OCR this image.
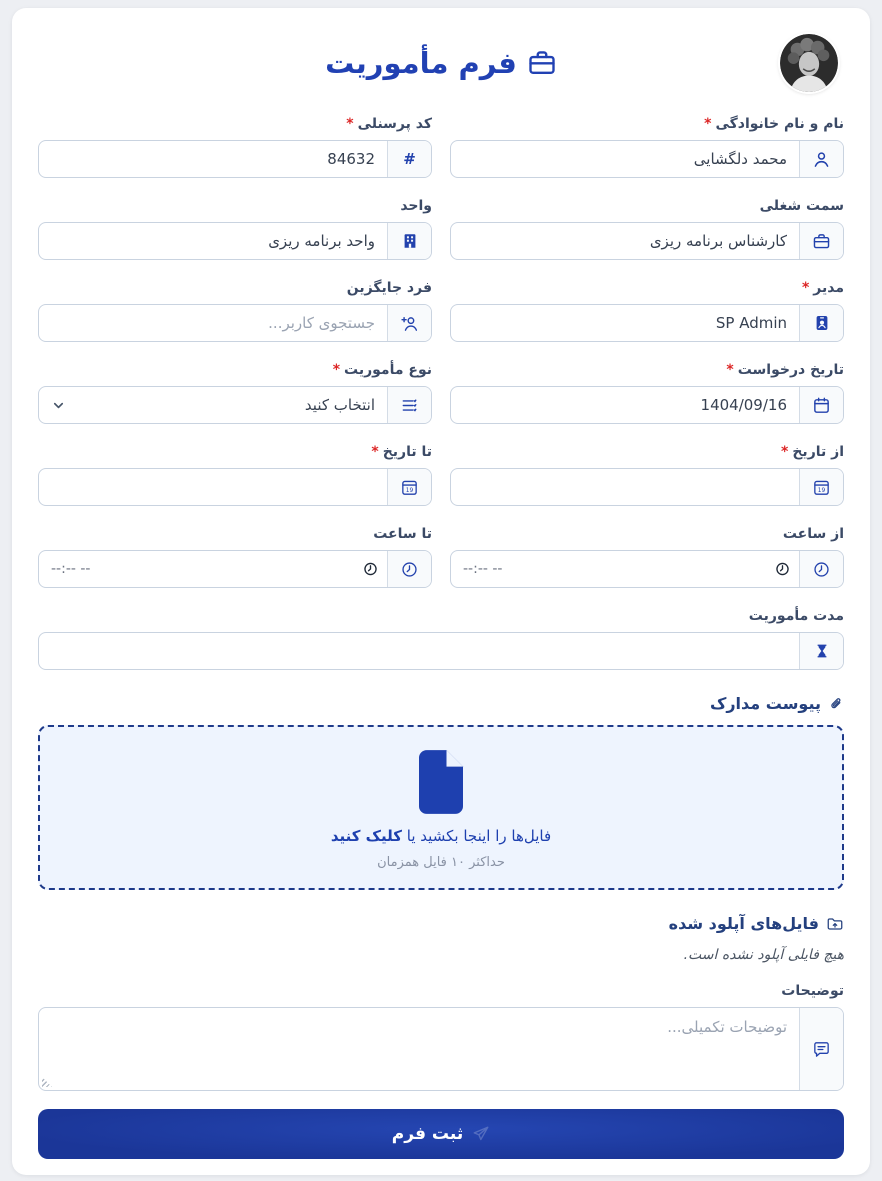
فرم مأموریت
نام و نام خانوادگی*
محمد دلگشایی
کد پرسنلی*
#
84632
سمت شغلی
کارشناس برنامه ریزی
واحد
واحد برنامه ریزی
مدیر*
SP Admin
فرد جایگزین
جستجوی کاربر...
تاریخ درخواست*
1404/09/16
نوع مأموریت*
انتخاب کنید
از تاریخ*
19
تا تاریخ*
19
از ساعت
--:-- --
تا ساعت
--:-- --
مدت مأموریت
پیوست مدارک
فایل‌ها را اینجا بکشید یا کلیک کنید
حداکثر ۱۰ فایل همزمان
فایل‌های آپلود شده
هیچ فایلی آپلود نشده است.
توضیحات
توضیحات تکمیلی...
ثبت فرم
